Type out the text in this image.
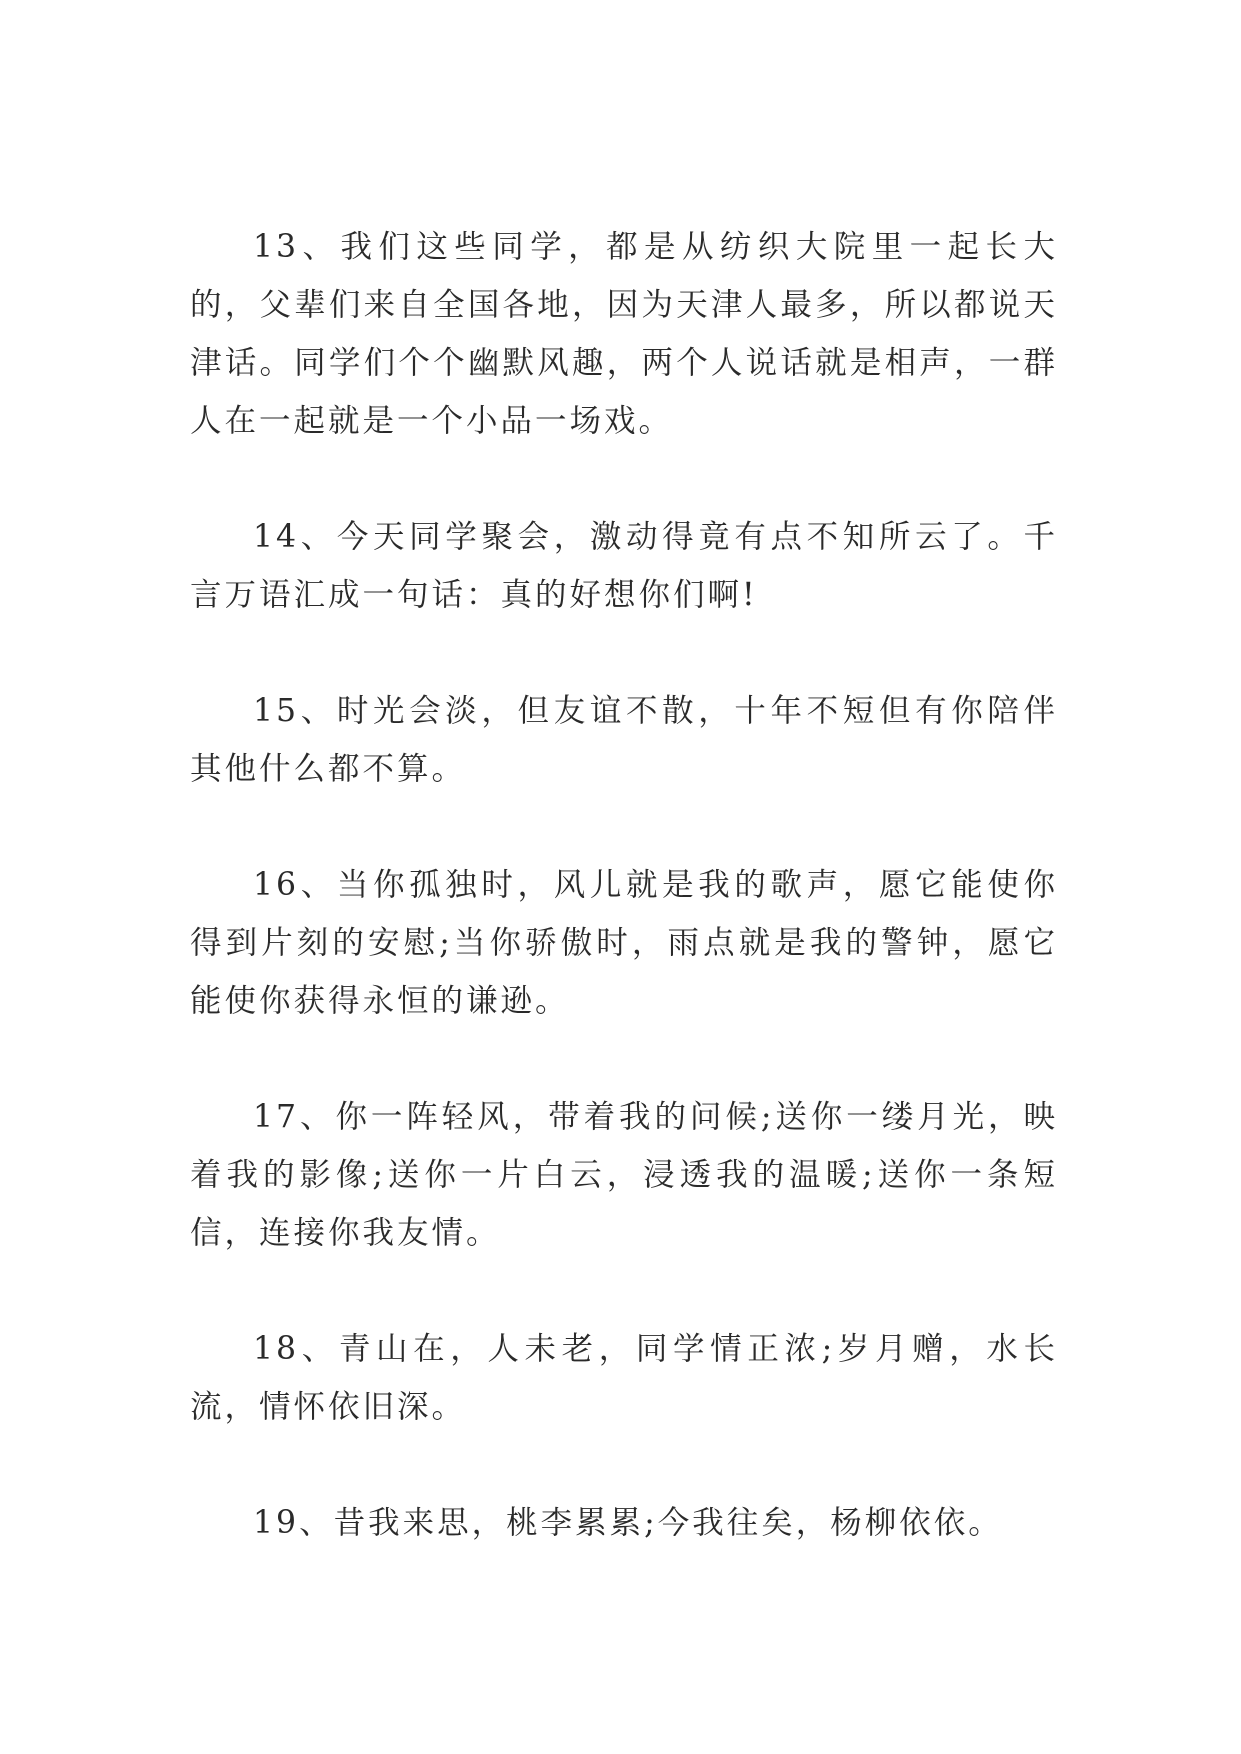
13、我们这些同学，都是从纺织大院里一起长大的，父辈们来自全国各地，因为天津人最多，所以都说天津话。同学们个个幽默风趣，两个人说话就是相声，一群人在一起就是一个小品一场戏。

14、今天同学聚会，激动得竟有点不知所云了。千言万语汇成一句话：真的好想你们啊!

15、时光会淡，但友谊不散，十年不短但有你陪伴其他什么都不算。

16、当你孤独时，风儿就是我的歌声，愿它能使你得到片刻的安慰;当你骄傲时，雨点就是我的警钟，愿它能使你获得永恒的谦逊。

17、你一阵轻风，带着我的问候;送你一缕月光，映着我的影像;送你一片白云，浸透我的温暖;送你一条短信，连接你我友情。

18、青山在，人未老，同学情正浓;岁月赠，水长流，情怀依旧深。

19、昔我来思，桃李累累;今我往矣，杨柳依依。
